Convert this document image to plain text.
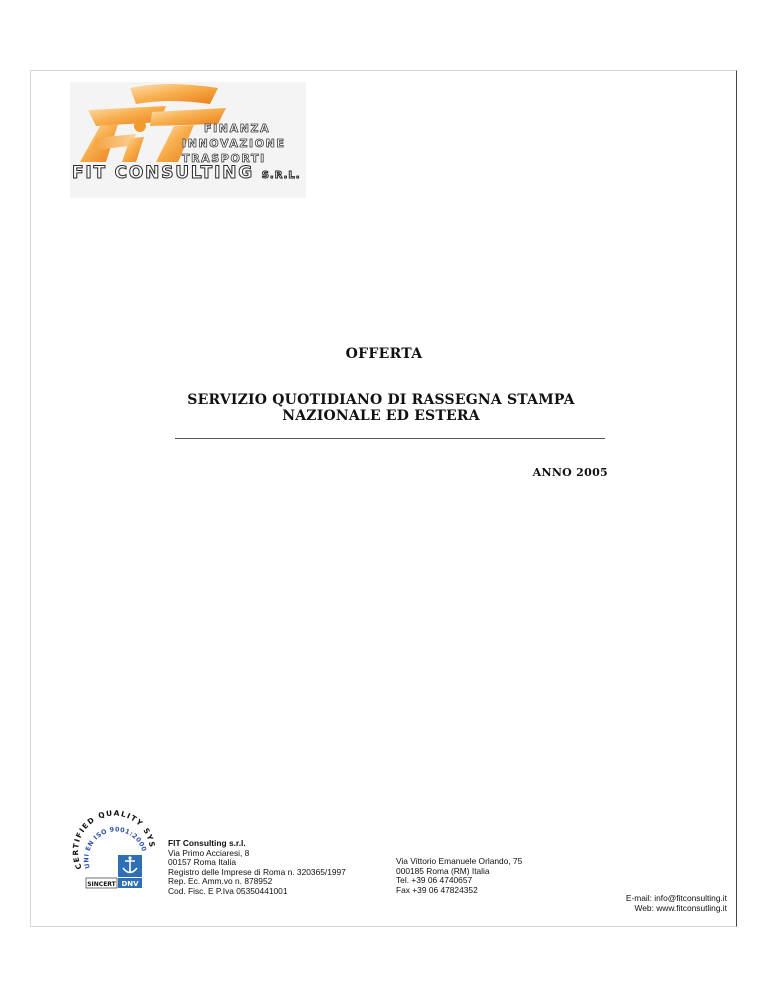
FINANZA
INNOVAZIONE
TRASPORTI
FIT CONSULTING S.R.L.
OFFERTA
SERVIZIO QUOTIDIANO DI RASSEGNA STAMPA
NAZIONALE ED ESTERA
ANNO 2005
CE TIFIED QUALITY SYS
UNI EN ISO 9001:2000
DNV
SINCERT
FIT Consulting s.r.l.
Via Primo Acciaresi, 8
00157 Roma Italia
Registro delle Imprese di Roma n. 320365/1997
Rep. Ec. Amm.vo n. 878952
Cod. Fisc. E P.Iva 05350441001
Via Vittorio Emanuele Orlando, 75
000185 Roma (RM) Italia
Tel. +39 06 4740657
Fax +39 06 47824352
E-mail: info@fitconsulting.it
Web: www.fitconsutling.it
